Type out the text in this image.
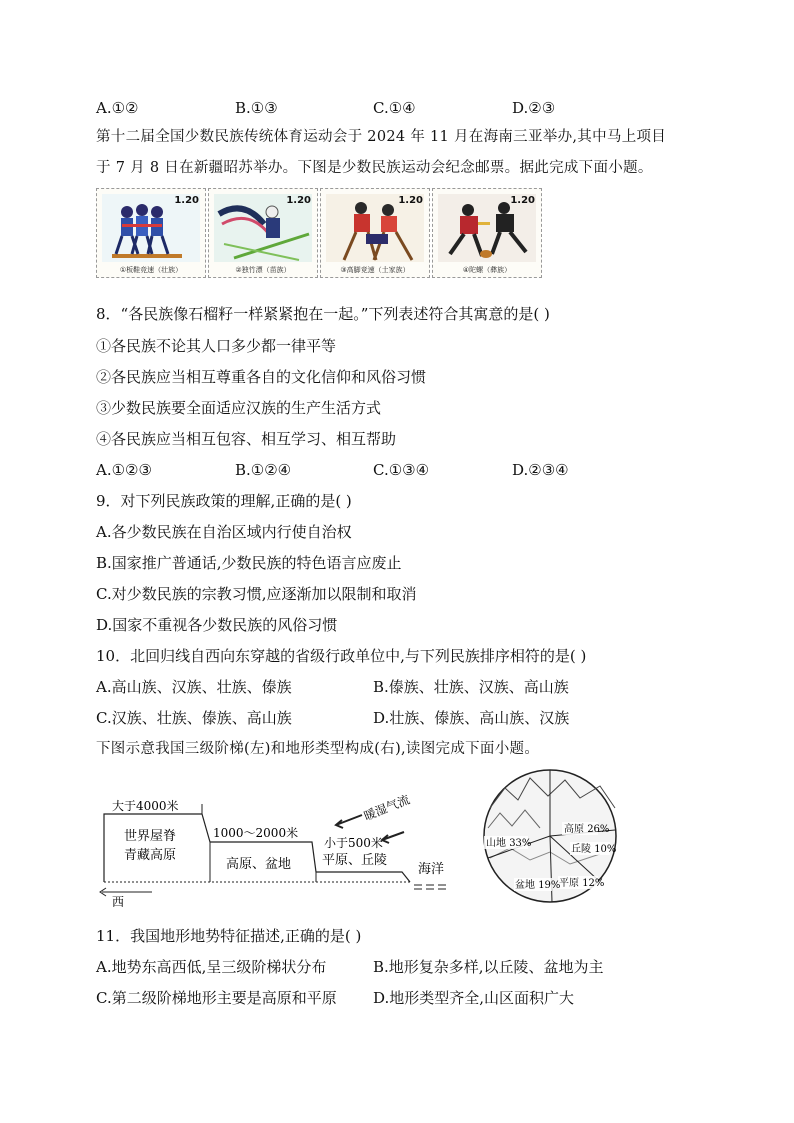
A.①②	B.①③	C.①④	D.②③
第十二届全国少数民族传统体育运动会于 2024 年 11 月在海南三亚举办,其中马上项目
于 7 月 8 日在新疆昭苏举办。下图是少数民族运动会纪念邮票。据此完成下面小题。
1.20
①板鞋竞速（壮族）
1.20
②独竹漂（苗族）
1.20
③高脚竞速（土家族）
1.20
④陀螺（彝族）
8．“各民族像石榴籽一样紧紧抱在一起。”下列表述符合其寓意的是( )
①各民族不论其人口多少都一律平等
②各民族应当相互尊重各自的文化信仰和风俗习惯
③少数民族要全面适应汉族的生产生活方式
④各民族应当相互包容、相互学习、相互帮助
A.①②③	B.①②④	C.①③④	D.②③④
9．对下列民族政策的理解,正确的是( )
A.各少数民族在自治区域内行使自治权
B.国家推广普通话,少数民族的特色语言应废止
C.对少数民族的宗教习惯,应逐渐加以限制和取消
D.国家不重视各少数民族的风俗习惯
10．北回归线自西向东穿越的省级行政单位中,与下列民族排序相符的是( )
A.高山族、汉族、壮族、傣族	B.傣族、壮族、汉族、高山族
C.汉族、壮族、傣族、高山族	D.壮族、傣族、高山族、汉族
下图示意我国三级阶梯(左)和地形类型构成(右),读图完成下面小题。
大于4000米
世界屋脊
青藏高原
1000～2000米
高原、盆地
小于500米
平原、丘陵
海洋
暖湿气流
西
高原 26%
丘陵 10%
平原 12%
盆地 19%
山地 33%
11．我国地形地势特征描述,正确的是( )
A.地势东高西低,呈三级阶梯状分布	B.地形复杂多样,以丘陵、盆地为主
C.第二级阶梯地形主要是高原和平原 D.地形类型齐全,山区面积广大
